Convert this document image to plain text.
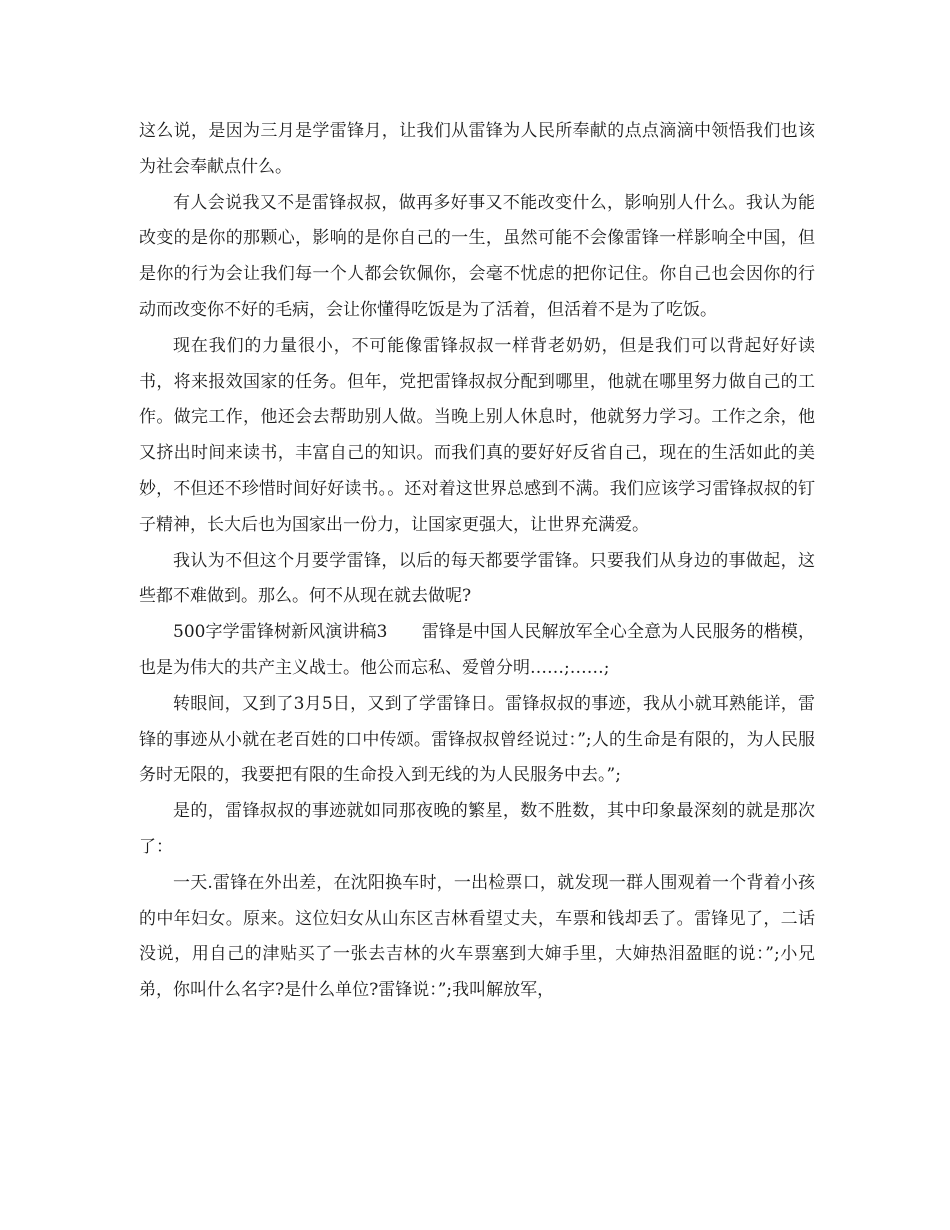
这么说，是因为三月是学雷锋月，让我们从雷锋为人民所奉献的点点滴滴中领悟我们也该为社会奉献点什么。

有人会说我又不是雷锋叔叔，做再多好事又不能改变什么，影响别人什么。我认为能改变的是你的那颗心，影响的是你自己的一生，虽然可能不会像雷锋一样影响全中国，但是你的行为会让我们每一个人都会钦佩你，会毫不忧虑的把你记住。你自己也会因你的行动而改变你不好的毛病，会让你懂得吃饭是为了活着，但活着不是为了吃饭。

现在我们的力量很小，不可能像雷锋叔叔一样背老奶奶，但是我们可以背起好好读书，将来报效国家的任务。但年，党把雷锋叔叔分配到哪里，他就在哪里努力做自己的工作。做完工作，他还会去帮助别人做。当晚上别人休息时，他就努力学习。工作之余，他又挤出时间来读书，丰富自己的知识。而我们真的要好好反省自己，现在的生活如此的美妙，不但还不珍惜时间好好读书。。还对着这世界总感到不满。我们应该学习雷锋叔叔的钉子精神，长大后也为国家出一份力，让国家更强大，让世界充满爱。

我认为不但这个月要学雷锋，以后的每天都要学雷锋。只要我们从身边的事做起，这些都不难做到。那么。何不从现在就去做呢?

500字学雷锋树新风演讲稿3　　雷锋是中国人民解放军全心全意为人民服务的楷模，也是为伟大的共产主义战士。他公而忘私、爱曾分明……;……;

转眼间，又到了3月5日，又到了学雷锋日。雷锋叔叔的事迹，我从小就耳熟能详，雷锋的事迹从小就在老百姓的口中传颂。雷锋叔叔曾经说过：”;人的生命是有限的，为人民服务时无限的，我要把有限的生命投入到无线的为人民服务中去。”;

是的，雷锋叔叔的事迹就如同那夜晚的繁星，数不胜数，其中印象最深刻的就是那次了：

一天.雷锋在外出差，在沈阳换车时，一出检票口，就发现一群人围观着一个背着小孩的中年妇女。原来。这位妇女从山东区吉林看望丈夫，车票和钱却丢了。雷锋见了，二话没说，用自己的津贴买了一张去吉林的火车票塞到大婶手里，大婶热泪盈眶的说：”;小兄弟，你叫什么名字?是什么单位?雷锋说：”;我叫解放军，
